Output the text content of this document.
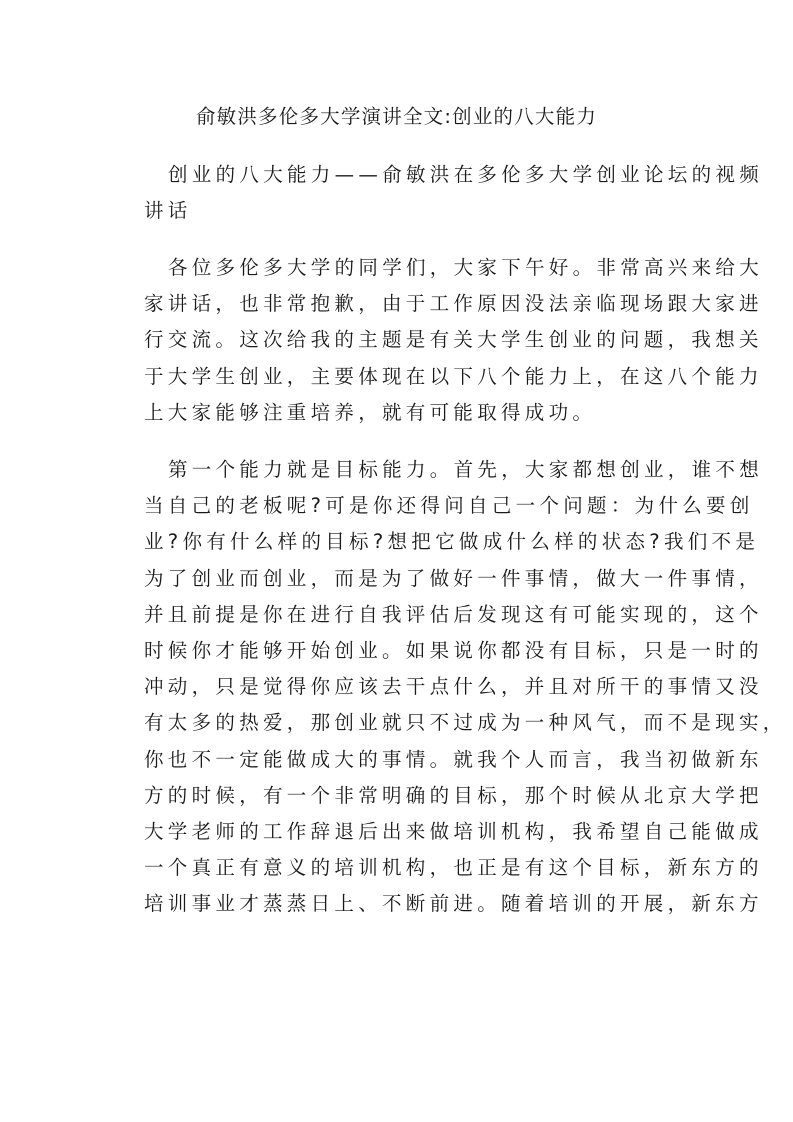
俞敏洪多伦多大学演讲全文:创业的八大能力
创业的八大能力——俞敏洪在多伦多大学创业论坛的视频
讲话
各位多伦多大学的同学们，大家下午好。非常高兴来给大
家讲话，也非常抱歉，由于工作原因没法亲临现场跟大家进
行交流。这次给我的主题是有关大学生创业的问题，我想关
于大学生创业，主要体现在以下八个能力上，在这八个能力
上大家能够注重培养，就有可能取得成功。
第一个能力就是目标能力。首先，大家都想创业，谁不想
当自己的老板呢?可是你还得问自己一个问题：为什么要创
业?你有什么样的目标?想把它做成什么样的状态?我们不是
为了创业而创业，而是为了做好一件事情，做大一件事情，
并且前提是你在进行自我评估后发现这有可能实现的，这个
时候你才能够开始创业。如果说你都没有目标，只是一时的
冲动，只是觉得你应该去干点什么，并且对所干的事情又没
有太多的热爱，那创业就只不过成为一种风气，而不是现实，
你也不一定能做成大的事情。就我个人而言，我当初做新东
方的时候，有一个非常明确的目标，那个时候从北京大学把
大学老师的工作辞退后出来做培训机构，我希望自己能做成
一个真正有意义的培训机构，也正是有这个目标，新东方的
培训事业才蒸蒸日上、不断前进。随着培训的开展，新东方
